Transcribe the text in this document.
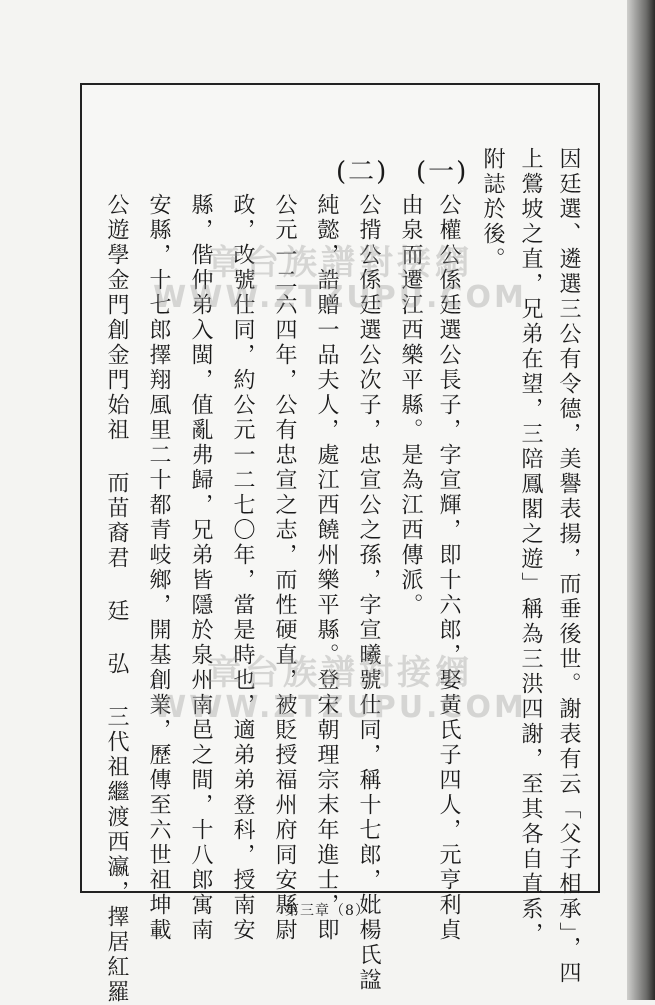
因廷選、遴選三公有令德，美譽表揚，而垂後世。謝表有云「父子相承」，四
上鶯坡之直，兄弟在望，三陪鳳閣之遊」稱為三洪四謝，至其各自直系，
附誌於後。
(一)
公權公係廷選公長子，字宣輝，即十六郎，娶黃氏子四人，元亨利貞
由泉而遷江西樂平縣。是為江西傳派。
(二)
公揹公係廷選公次子，忠宣公之孫，字宣曦號仕同，稱十七郎，妣楊氏諡
純懿，誥贈一品夫人，處江西饒州樂平縣。登宋朝理宗末年進士，即
公元一二六四年，公有忠宣之志，而性硬直，被貶授福州府同安縣尉
政，改號仕同，約公元一二七〇年，當是時也，適弟弟登科，授南安
縣，偕仲弟入閩，值亂弗歸，兄弟皆隱於泉州南邑之間，十八郎寓南
安縣，十七郎擇翔風里二十都青岐鄉，開基創業，歷傳至六世祖坤載
公遊學金門創金門始祖 而苗裔君 廷 弘 三代祖繼渡西瀛，擇居紅羅	章台族譜對接網
WWW.ZTZUPU.COM
章台族譜對接網
WWW.ZTZUPU.COM
第三章（8）
